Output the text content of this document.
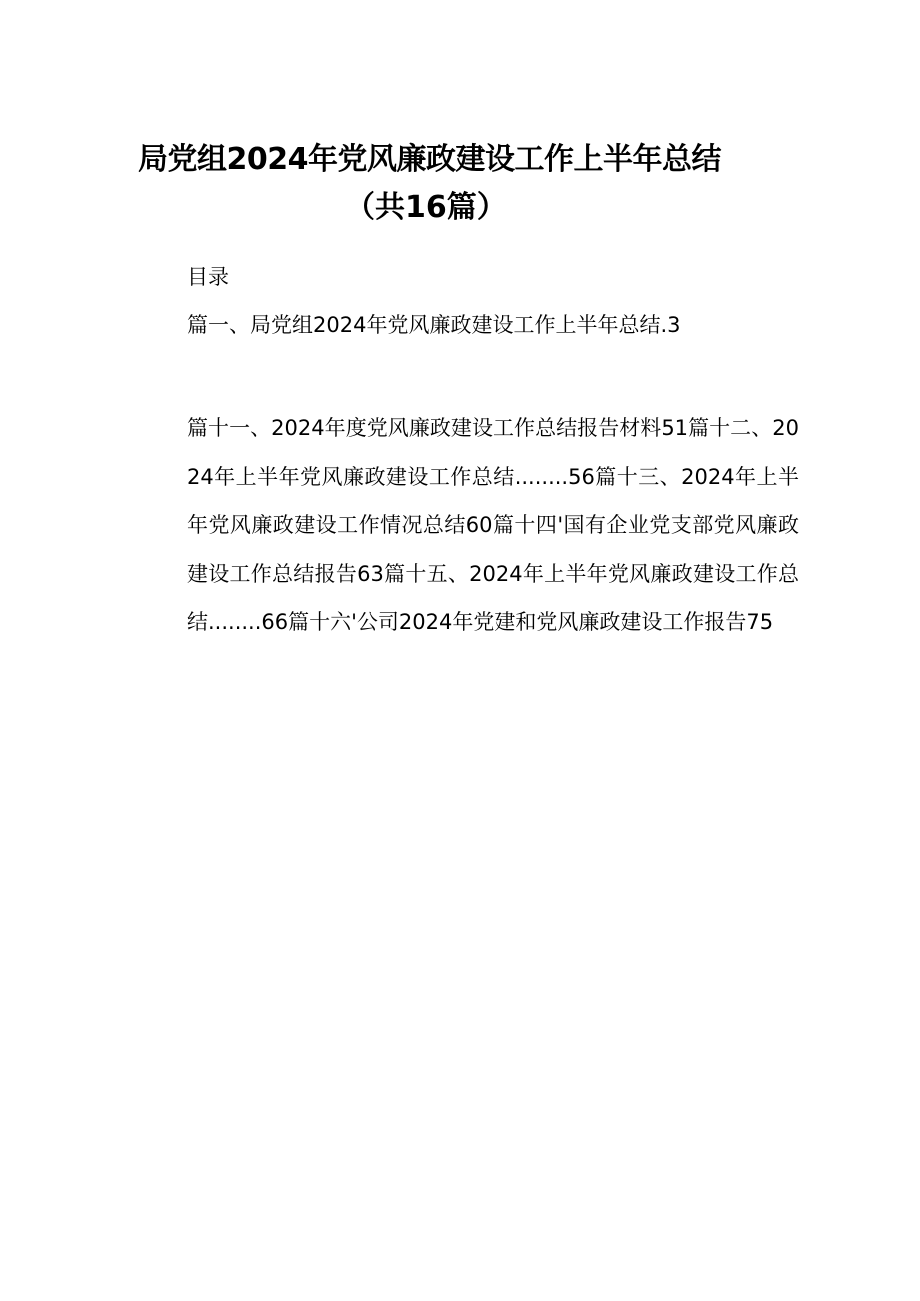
局党组2024年党风廉政建设工作上半年总结
（共16篇）
目录
篇一、局党组2024年党风廉政建设工作上半年总结.3
篇十一、2024年度党风廉政建设工作总结报告材料51篇十二、2024年上半年党风廉政建设工作总结........56篇十三、2024年上半年党风廉政建设工作情况总结60篇十四'国有企业党支部党风廉政建设工作总结报告63篇十五、2024年上半年党风廉政建设工作总结........66篇十六'公司2024年党建和党风廉政建设工作报告75
